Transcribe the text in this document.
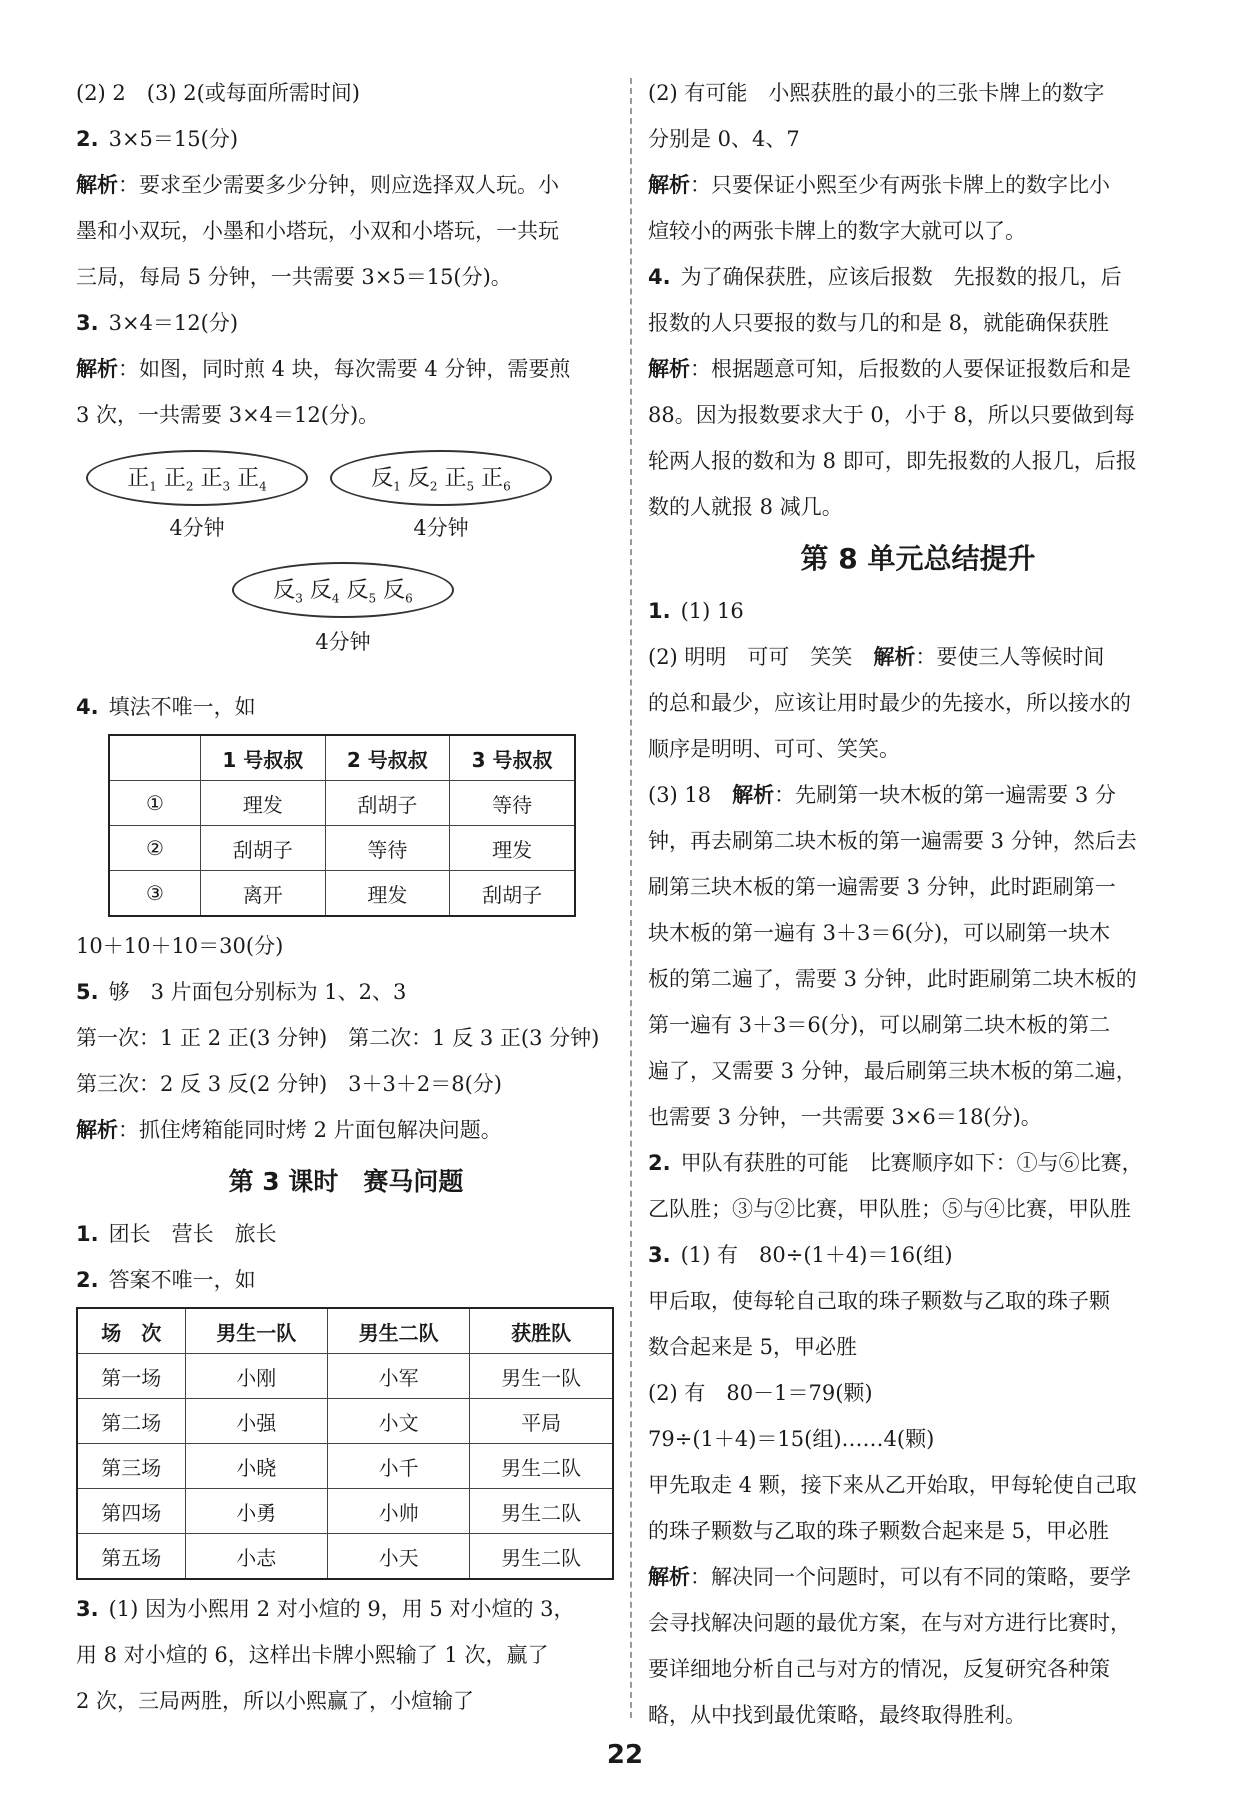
(2) 2　(3) 2(或每面所需时间)
2. 3×5＝15(分)
解析：要求至少需要多少分钟，则应选择双人玩。小
墨和小双玩，小墨和小塔玩，小双和小塔玩，一共玩
三局，每局 5 分钟，一共需要 3×5＝15(分)。
3. 3×4＝12(分)
解析：如图，同时煎 4 块，每次需要 4 分钟，需要煎
3 次，一共需要 3×4＝12(分)。
正$_1$ 正$_2$ 正$_3$ 正$_4$
4分钟
反$_1$ 反$_2$ 正$_5$ 正$_6$
4分钟
反$_3$ 反$_4$ 反$_5$ 反$_6$
4分钟
4. 填法不唯一，如
	1 号叔叔	2 号叔叔	3 号叔叔
①	理发	刮胡子	等待
②	刮胡子	等待	理发
③	离开	理发	刮胡子
10＋10＋10＝30(分)
5. 够　3 片面包分别标为 1、2、3
第一次：1 正 2 正(3 分钟)　第二次：1 反 3 正(3 分钟)
第三次：2 反 3 反(2 分钟)　3＋3＋2＝8(分)
解析：抓住烤箱能同时烤 2 片面包解决问题。
第 3 课时　赛马问题
1. 团长　营长　旅长
2. 答案不唯一，如
场　次	男生一队	男生二队	获胜队
第一场	小刚	小军	男生一队
第二场	小强	小文	平局
第三场	小晓	小千	男生二队
第四场	小勇	小帅	男生二队
第五场	小志	小天	男生二队
3. (1) 因为小熙用 2 对小煊的 9，用 5 对小煊的 3，
用 8 对小煊的 6，这样出卡牌小熙输了 1 次，赢了
2 次，三局两胜，所以小熙赢了，小煊输了
(2) 有可能　小熙获胜的最小的三张卡牌上的数字
分别是 0、4、7
解析：只要保证小熙至少有两张卡牌上的数字比小
煊较小的两张卡牌上的数字大就可以了。
4. 为了确保获胜，应该后报数　先报数的报几，后
报数的人只要报的数与几的和是 8，就能确保获胜
解析：根据题意可知，后报数的人要保证报数后和是
88。因为报数要求大于 0，小于 8，所以只要做到每
轮两人报的数和为 8 即可，即先报数的人报几，后报
数的人就报 8 减几。
第 8 单元总结提升
1. (1) 16
(2) 明明　可可　笑笑　解析：要使三人等候时间
的总和最少，应该让用时最少的先接水，所以接水的
顺序是明明、可可、笑笑。
(3) 18　解析：先刷第一块木板的第一遍需要 3 分
钟，再去刷第二块木板的第一遍需要 3 分钟，然后去
刷第三块木板的第一遍需要 3 分钟，此时距刷第一
块木板的第一遍有 3＋3＝6(分)，可以刷第一块木
板的第二遍了，需要 3 分钟，此时距刷第二块木板的
第一遍有 3＋3＝6(分)，可以刷第二块木板的第二
遍了，又需要 3 分钟，最后刷第三块木板的第二遍，
也需要 3 分钟，一共需要 3×6＝18(分)。
2. 甲队有获胜的可能　比赛顺序如下：①与⑥比赛，
乙队胜；③与②比赛，甲队胜；⑤与④比赛，甲队胜
3. (1) 有　80÷(1＋4)＝16(组)
甲后取，使每轮自己取的珠子颗数与乙取的珠子颗
数合起来是 5，甲必胜
(2) 有　80－1＝79(颗)
79÷(1＋4)＝15(组)……4(颗)
甲先取走 4 颗，接下来从乙开始取，甲每轮使自己取
的珠子颗数与乙取的珠子颗数合起来是 5，甲必胜
解析：解决同一个问题时，可以有不同的策略，要学
会寻找解决问题的最优方案，在与对方进行比赛时，
要详细地分析自己与对方的情况，反复研究各种策
略，从中找到最优策略，最终取得胜利。
22
